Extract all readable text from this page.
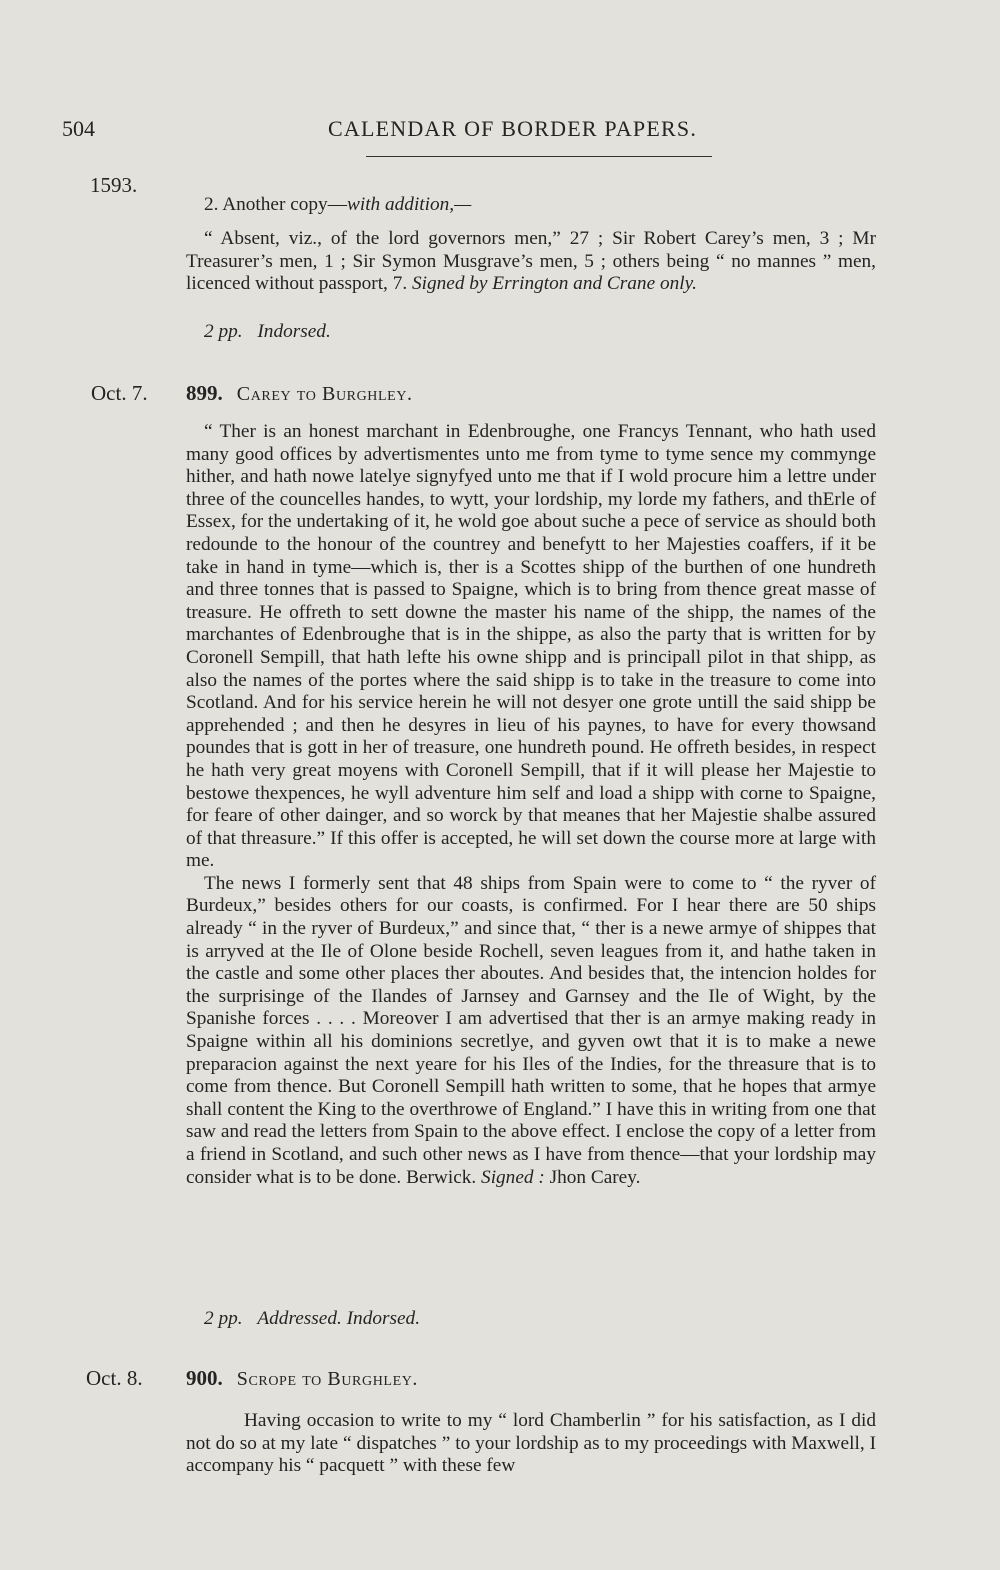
504	CALENDAR OF BORDER PAPERS.
1593.
2. Another copy—with addition,—

“ Absent, viz., of the lord governors men,” 27 ; Sir Robert Carey’s men, 3 ; Mr Treasurer’s men, 1 ; Sir Symon Musgrave’s men, 5 ; others being “ no mannes ” men, licenced without passport, 7. Signed by Errington and Crane only.

2 pp. Indorsed.
Oct. 7. 899. Carey to Burghley.

“ Ther is an honest marchant in Edenbroughe, one Francys Tennant, who hath used many good offices by advertismentes unto me from tyme to tyme sence my commynge hither, and hath nowe latelye signyfyed unto me that if I wold procure him a lettre under three of the councelles handes, to wytt, your lordship, my lorde my fathers, and thErle of Essex, for the undertaking of it, he wold goe about suche a pece of service as should both redounde to the honour of the countrey and benefytt to her Majesties coaffers, if it be take in hand in tyme—which is, ther is a Scottes shipp of the burthen of one hundreth and three tonnes that is passed to Spaigne, which is to bring from thence great masse of treasure. He offreth to sett downe the master his name of the shipp, the names of the marchantes of Edenbroughe that is in the shippe, as also the party that is written for by Coronell Sempill, that hath lefte his owne shipp and is principall pilot in that shipp, as also the names of the portes where the said shipp is to take in the treasure to come into Scotland. And for his service herein he will not desyer one grote untill the said shipp be apprehended ; and then he desyres in lieu of his paynes, to have for every thowsand poundes that is gott in her of treasure, one hundreth pound. He offreth besides, in respect he hath very great moyens with Coronell Sempill, that if it will please her Majestie to bestowe thexpences, he wyll adventure him self and load a shipp with corne to Spaigne, for feare of other dainger, and so worck by that meanes that her Majestie shalbe assured of that threasure.” If this offer is accepted, he will set down the course more at large with me.

The news I formerly sent that 48 ships from Spain were to come to “ the ryver of Burdeux,” besides others for our coasts, is confirmed. For I hear there are 50 ships already “ in the ryver of Burdeux,” and since that, “ ther is a newe armye of shippes that is arryved at the Ile of Olone beside Rochell, seven leagues from it, and hathe taken in the castle and some other places ther aboutes. And besides that, the intencion holdes for the surprisinge of the Ilandes of Jarnsey and Garnsey and the Ile of Wight, by the Spanishe forces . . . . Moreover I am advertised that ther is an armye making ready in Spaigne within all his dominions secretlye, and gyven owt that it is to make a newe preparacion against the next yeare for his Iles of the Indies, for the threasure that is to come from thence. But Coronell Sempill hath written to some, that he hopes that armye shall content the King to the overthrowe of England.” I have this in writing from one that saw and read the letters from Spain to the above effect. I enclose the copy of a letter from a friend in Scotland, and such other news as I have from thence—that your lordship may consider what is to be done. Berwick. Signed : Jhon Carey.

2 pp. Addressed. Indorsed.
Oct. 8. 900. Scrope to Burghley.

Having occasion to write to my “ lord Chamberlin ” for his satisfaction, as I did not do so at my late “ dispatches ” to your lordship as to my proceedings with Maxwell, I accompany his “ pacquett ” with these few
